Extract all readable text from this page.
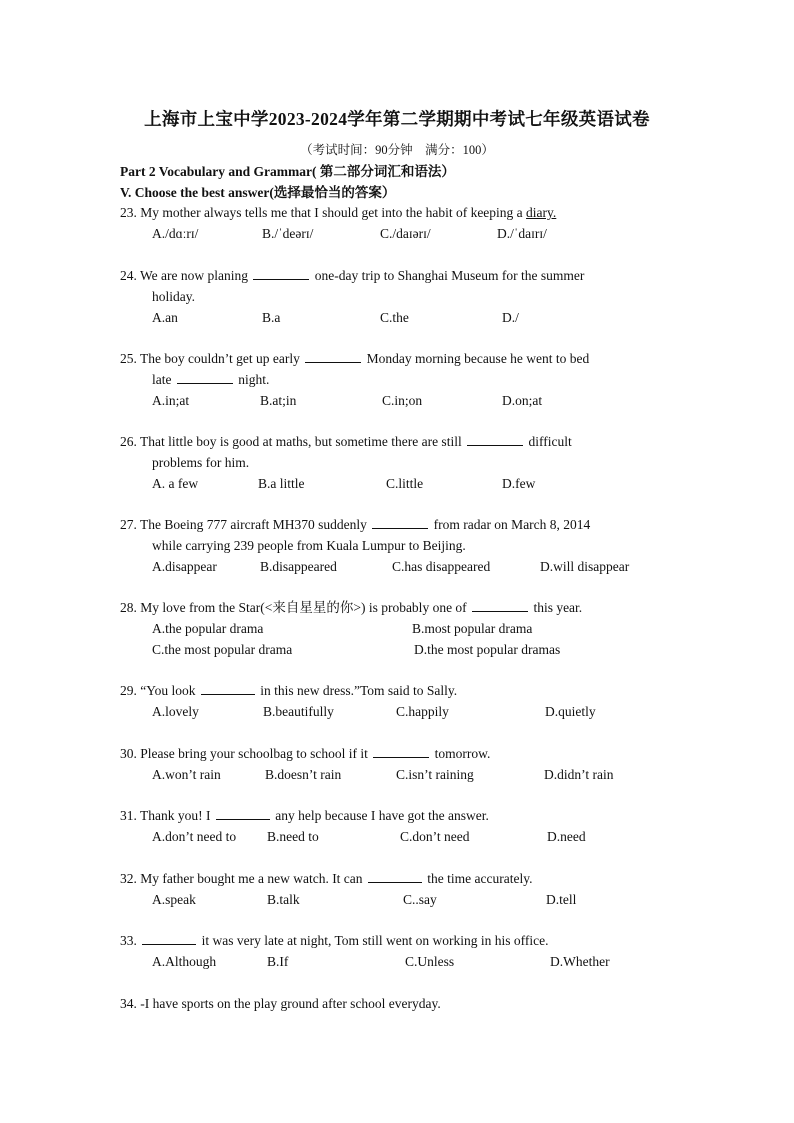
上海市上宝中学2023-2024学年第二学期期中考试七年级英语试卷
（考试时间：90分钟　满分：100）
Part 2 Vocabulary and Grammar( 第二部分词汇和语法）
V. Choose the best answer(选择最恰当的答案）
23. My mother always tells me that I should get into the habit of keeping a diary.
A./dɑːrɪ/	B./ˈdeərɪ/	C./daɪərɪ/	D./ˈdaɪrɪ/
24. We are now planing	one-day trip to Shanghai Museum for the summer
holiday.
A.an	B.a	C.the	D./
25. The boy couldn’t get up early	Monday morning because he went to bed
late	night.
A.in;at	B.at;in	C.in;on	D.on;at
26. That little boy is good at maths, but sometime there are still	difficult
problems for him.
A. a few	B.a little	C.little	D.few
27. The Boeing 777 aircraft MH370 suddenly	from radar on March 8, 2014
while carrying 239 people from Kuala Lumpur to Beijing.
A.disappear	B.disappeared	C.has disappeared	D.will disappear
28. My love from the Star(<来自星星的你>) is probably one of	this year.
A.the popular drama	B.most popular drama
C.the most popular drama	D.the most popular dramas
29. “You look	in this new dress.”Tom said to Sally.
A.lovely	B.beautifully	C.happily	D.quietly
30. Please bring your schoolbag to school if it	tomorrow.
A.won’t rain	B.doesn’t rain	C.isn’t raining	D.didn’t rain
31. Thank you! I	any help because I have got the answer.
A.don’t need to B.need to	C.don’t need	D.need
32. My father bought me a new watch. It can	the time accurately.
A.speak	B.talk	C..say	D.tell
33.	it was very late at night, Tom still went on working in his office.
A.Although	B.If	C.Unless	D.Whether
34. -I have sports on the play ground after school everyday.
